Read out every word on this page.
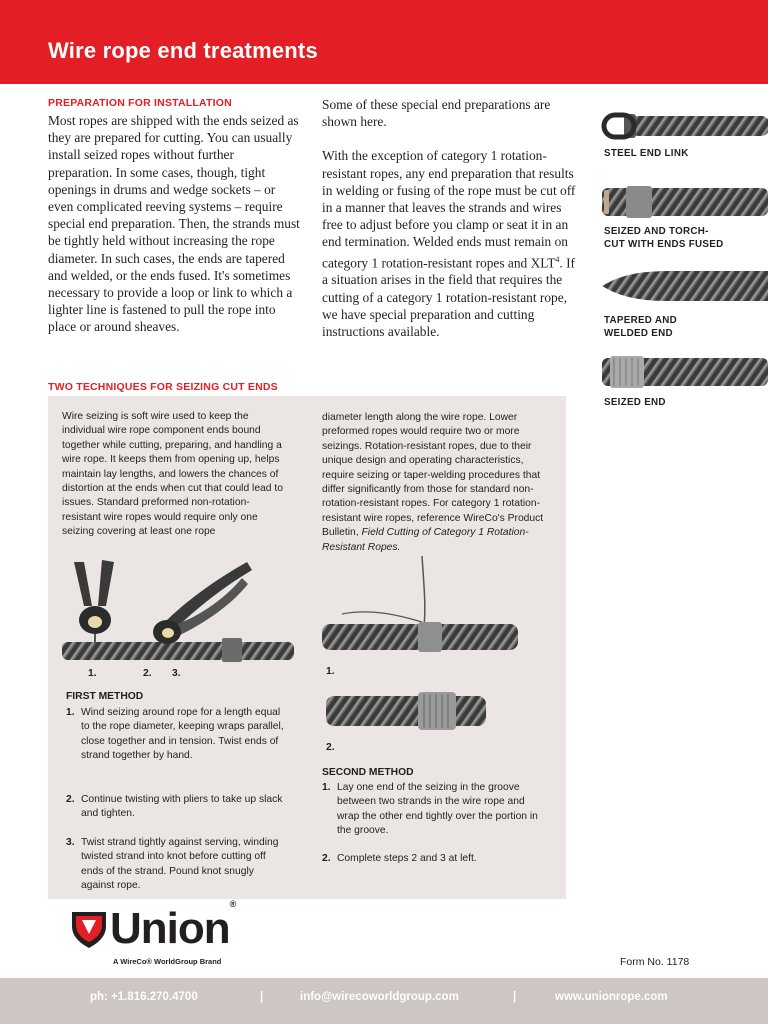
Wire rope end treatments
PREPARATION FOR INSTALLATION

Most ropes are shipped with the ends seized as they are prepared for cutting. You can usually install seized ropes without further preparation. In some cases, though, tight openings in drums and wedge sockets – or even complicated reeving systems – require special end preparation. Then, the strands must be tightly held without increasing the rope diameter. In such cases, the ends are tapered and welded, or the ends fused. It's sometimes necessary to provide a loop or link to which a lighter line is fastened to pull the rope into place or around sheaves.

Some of these special end preparations are shown here.

With the exception of category 1 rotation-resistant ropes, any end preparation that results in welding or fusing of the rope must be cut off in a manner that leaves the strands and wires free to adjust before you clamp or seat it in an end termination. Welded ends must remain on category 1 rotation-resistant ropes and XLT$^4$. If a situation arises in the field that requires the cutting of a category 1 rotation-resistant rope, we have special preparation and cutting instructions available.

STEEL END LINK
SEIZED AND TORCH-
CUT WITH ENDS FUSED
TAPERED AND
WELDED END
SEIZED END
TWO TECHNIQUES FOR SEIZING CUT ENDS

Wire seizing is soft wire used to keep the individual wire rope component ends bound together while cutting, preparing, and handling a wire rope. It keeps them from opening up, helps maintain lay lengths, and lowers the chances of distortion at the ends when cut that could lead to issues. Standard preformed non-rotation-resistant wire ropes would require only one seizing covering at least one rope

diameter length along the wire rope. Lower preformed ropes would require two or more seizings. Rotation-resistant ropes, due to their unique design and operating characteristics, require seizing or taper-welding procedures that differ significantly from those for standard non-rotation-resistant ropes. For category 1 rotation-resistant wire ropes, reference WireCo's Product Bulletin, Field Cutting of Category 1 Rotation-Resistant Ropes.

1.	2. 3.
FIRST METHOD
1. Wind seizing around rope for a length equal to the rope diameter, keeping wraps parallel, close together and in tension. Twist ends of strand together by hand.
2. Continue twisting with pliers to take up slack and tighten.
3. Twist strand tightly against serving, winding twisted strand into knot before cutting off ends of the strand. Pound knot snugly against rope.
1.
2.
SECOND METHOD
1. Lay one end of the seizing in the groove between two strands in the wire rope and wrap the other end tightly over the portion in the groove.
2. Complete steps 2 and 3 at left.
Union®
A WireCo® WorldGroup Brand	Form No. 1178
ph: +1.816.270.4700	|	info@wirecoworldgroup.com	|	www.unionrope.com
